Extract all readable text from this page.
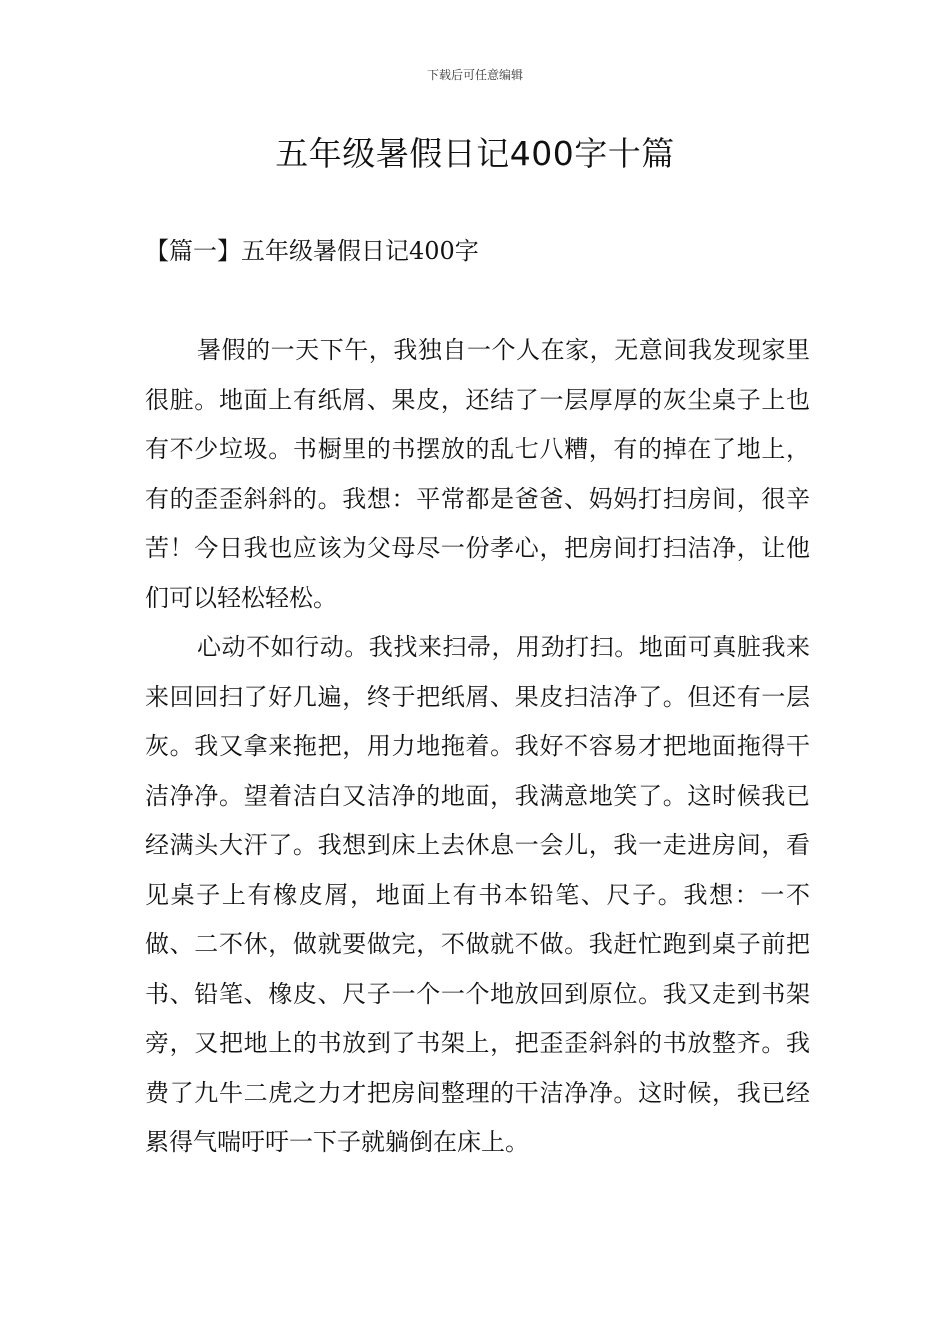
下载后可任意编辑
五年级暑假日记400字十篇
【篇一】五年级暑假日记400字

暑假的一天下午，我独自一个人在家，无意间我发现家里很脏。地面上有纸屑、果皮，还结了一层厚厚的灰尘桌子上也有不少垃圾。书橱里的书摆放的乱七八糟，有的掉在了地上，有的歪歪斜斜的。我想：平常都是爸爸、妈妈打扫房间，很辛苦！今日我也应该为父母尽一份孝心，把房间打扫洁净，让他们可以轻松轻松。

心动不如行动。我找来扫帚，用劲打扫。地面可真脏我来来回回扫了好几遍，终于把纸屑、果皮扫洁净了。但还有一层灰。我又拿来拖把，用力地拖着。我好不容易才把地面拖得干洁净净。望着洁白又洁净的地面，我满意地笑了。这时候我已经满头大汗了。我想到床上去休息一会儿，我一走进房间，看见桌子上有橡皮屑，地面上有书本铅笔、尺子。我想：一不做、二不休，做就要做完，不做就不做。我赶忙跑到桌子前把书、铅笔、橡皮、尺子一个一个地放回到原位。我又走到书架旁，又把地上的书放到了书架上，把歪歪斜斜的书放整齐。我费了九牛二虎之力才把房间整理的干洁净净。这时候，我已经累得气喘吁吁一下子就躺倒在床上。
